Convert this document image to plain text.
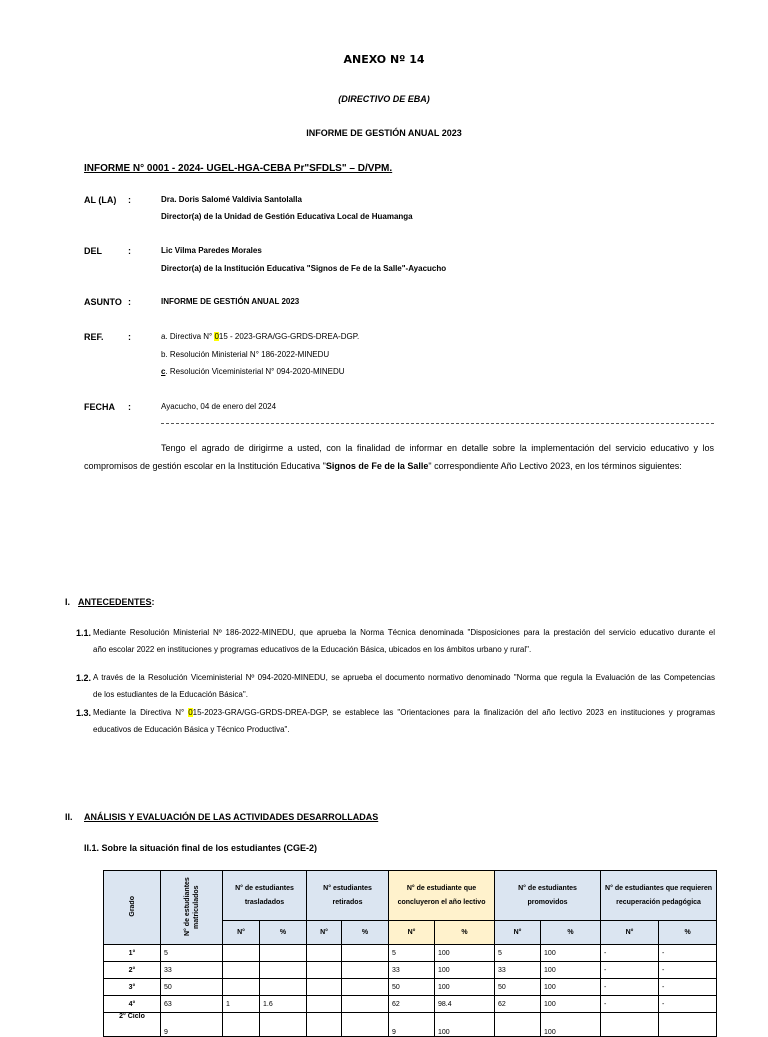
ANEXO Nº 14
(DIRECTIVO DE EBA)
INFORME DE GESTIÓN ANUAL 2023
INFORME N° 0001 - 2024- UGEL-HGA-CEBA Pr"SFDLS" – D/VPM.
AL (LA) :	Dra. Doris Salomé Valdivia Santolalla
Director(a) de la Unidad de Gestión Educativa Local de Huamanga
DEL	:	Lic Vilma Paredes Morales
Director(a) de la Institución Educativa "Signos de Fe de la Salle"-Ayacucho
ASUNTO :	INFORME DE GESTIÓN ANUAL 2023
REF.	:	a. Directiva N° 015 - 2023-GRA/GG-GRDS-DREA-DGP.
b. Resolución Ministerial N° 186-2022-MINEDU
c. Resolución Viceministerial N° 094-2020-MINEDU
FECHA :	Ayacucho, 04 de enero del 2024
Tengo el agrado de dirigirme a usted, con la finalidad de informar en detalle sobre la implementación del servicio educativo y los
compromisos de gestión escolar en la Institución Educativa "Signos de Fe de la Salle" correspondiente Año Lectivo 2023, en los términos siguientes:
I. ANTECEDENTES:
1.1. Mediante Resolución Ministerial Nº 186-2022-MINEDU, que aprueba la Norma Técnica denominada "Disposiciones para la prestación del servicio educativo durante el
año escolar 2022 en instituciones y programas educativos de la Educación Básica, ubicados en los ámbitos urbano y rural".
1.2. A través de la Resolución Viceministerial Nº 094-2020-MINEDU, se aprueba el documento normativo denominado "Norma que regula la Evaluación de las Competencias
de los estudiantes de la Educación Básica".
1.3. Mediante la Directiva N° 015-2023-GRA/GG-GRDS-DREA-DGP, se establece las "Orientaciones para la finalización del año lectivo 2023 en instituciones y programas
educativos de Educación Básica y Técnico Productiva".
II. ANÁLISIS Y EVALUACIÓN DE LAS ACTIVIDADES DESARROLLADAS
II.1. Sobre la situación final de los estudiantes (CGE-2)
Grado	N° de estudiantes matriculados	N° de estudiantes trasladados		N° estudiantes retirados		N° de estudiante que concluyeron el año lectivo		N° de estudiantes promovidos		N° de estudiantes que requieren recuperación pedagógica	
		N°	%	N°	%	N°	%	N°	%	N°	%
1°	5					5	100	5	100	-	-
2°	33					33	100	33	100	-	-
3°	50					50	100	50	100	-	-
4°	63	1	1.6			62	98.4	62	100	-	-
2° Ciclo	9					9	100		100		
